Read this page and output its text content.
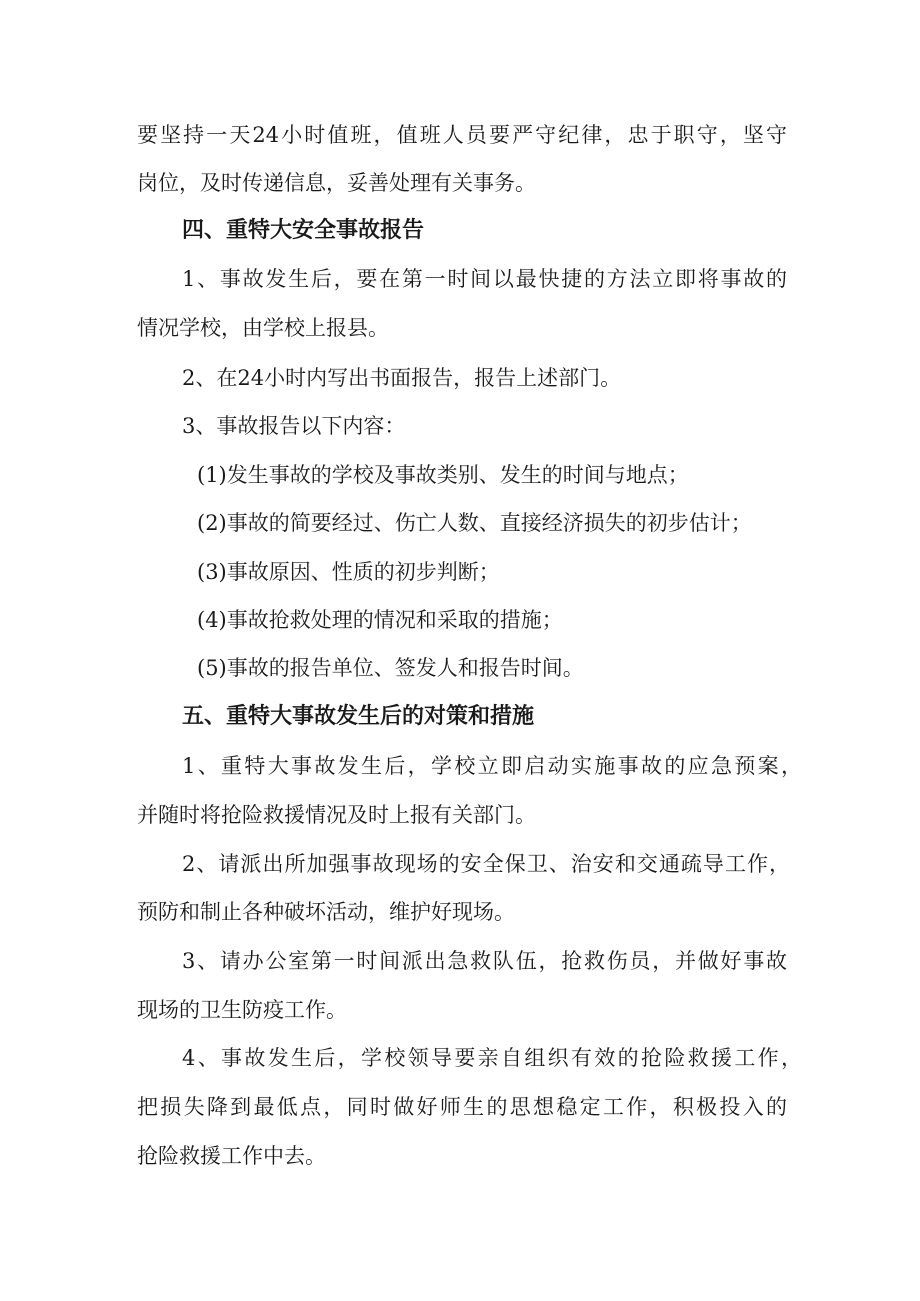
要坚持一天24小时值班，值班人员要严守纪律，忠于职守，坚守
岗位，及时传递信息，妥善处理有关事务。
四、重特大安全事故报告
1、事故发生后，要在第一时间以最快捷的方法立即将事故的
情况学校，由学校上报县。
2、在24小时内写出书面报告，报告上述部门。
3、事故报告以下内容：
(1)发生事故的学校及事故类别、发生的时间与地点；
(2)事故的简要经过、伤亡人数、直接经济损失的初步估计；
(3)事故原因、性质的初步判断；
(4)事故抢救处理的情况和采取的措施；
(5)事故的报告单位、签发人和报告时间。
五、重特大事故发生后的对策和措施
1、重特大事故发生后，学校立即启动实施事故的应急预案，
并随时将抢险救援情况及时上报有关部门。
2、请派出所加强事故现场的安全保卫、治安和交通疏导工作，
预防和制止各种破坏活动，维护好现场。
3、请办公室第一时间派出急救队伍，抢救伤员，并做好事故
现场的卫生防疫工作。
4、事故发生后，学校领导要亲自组织有效的抢险救援工作，
把损失降到最低点，同时做好师生的思想稳定工作，积极投入的
抢险救援工作中去。
